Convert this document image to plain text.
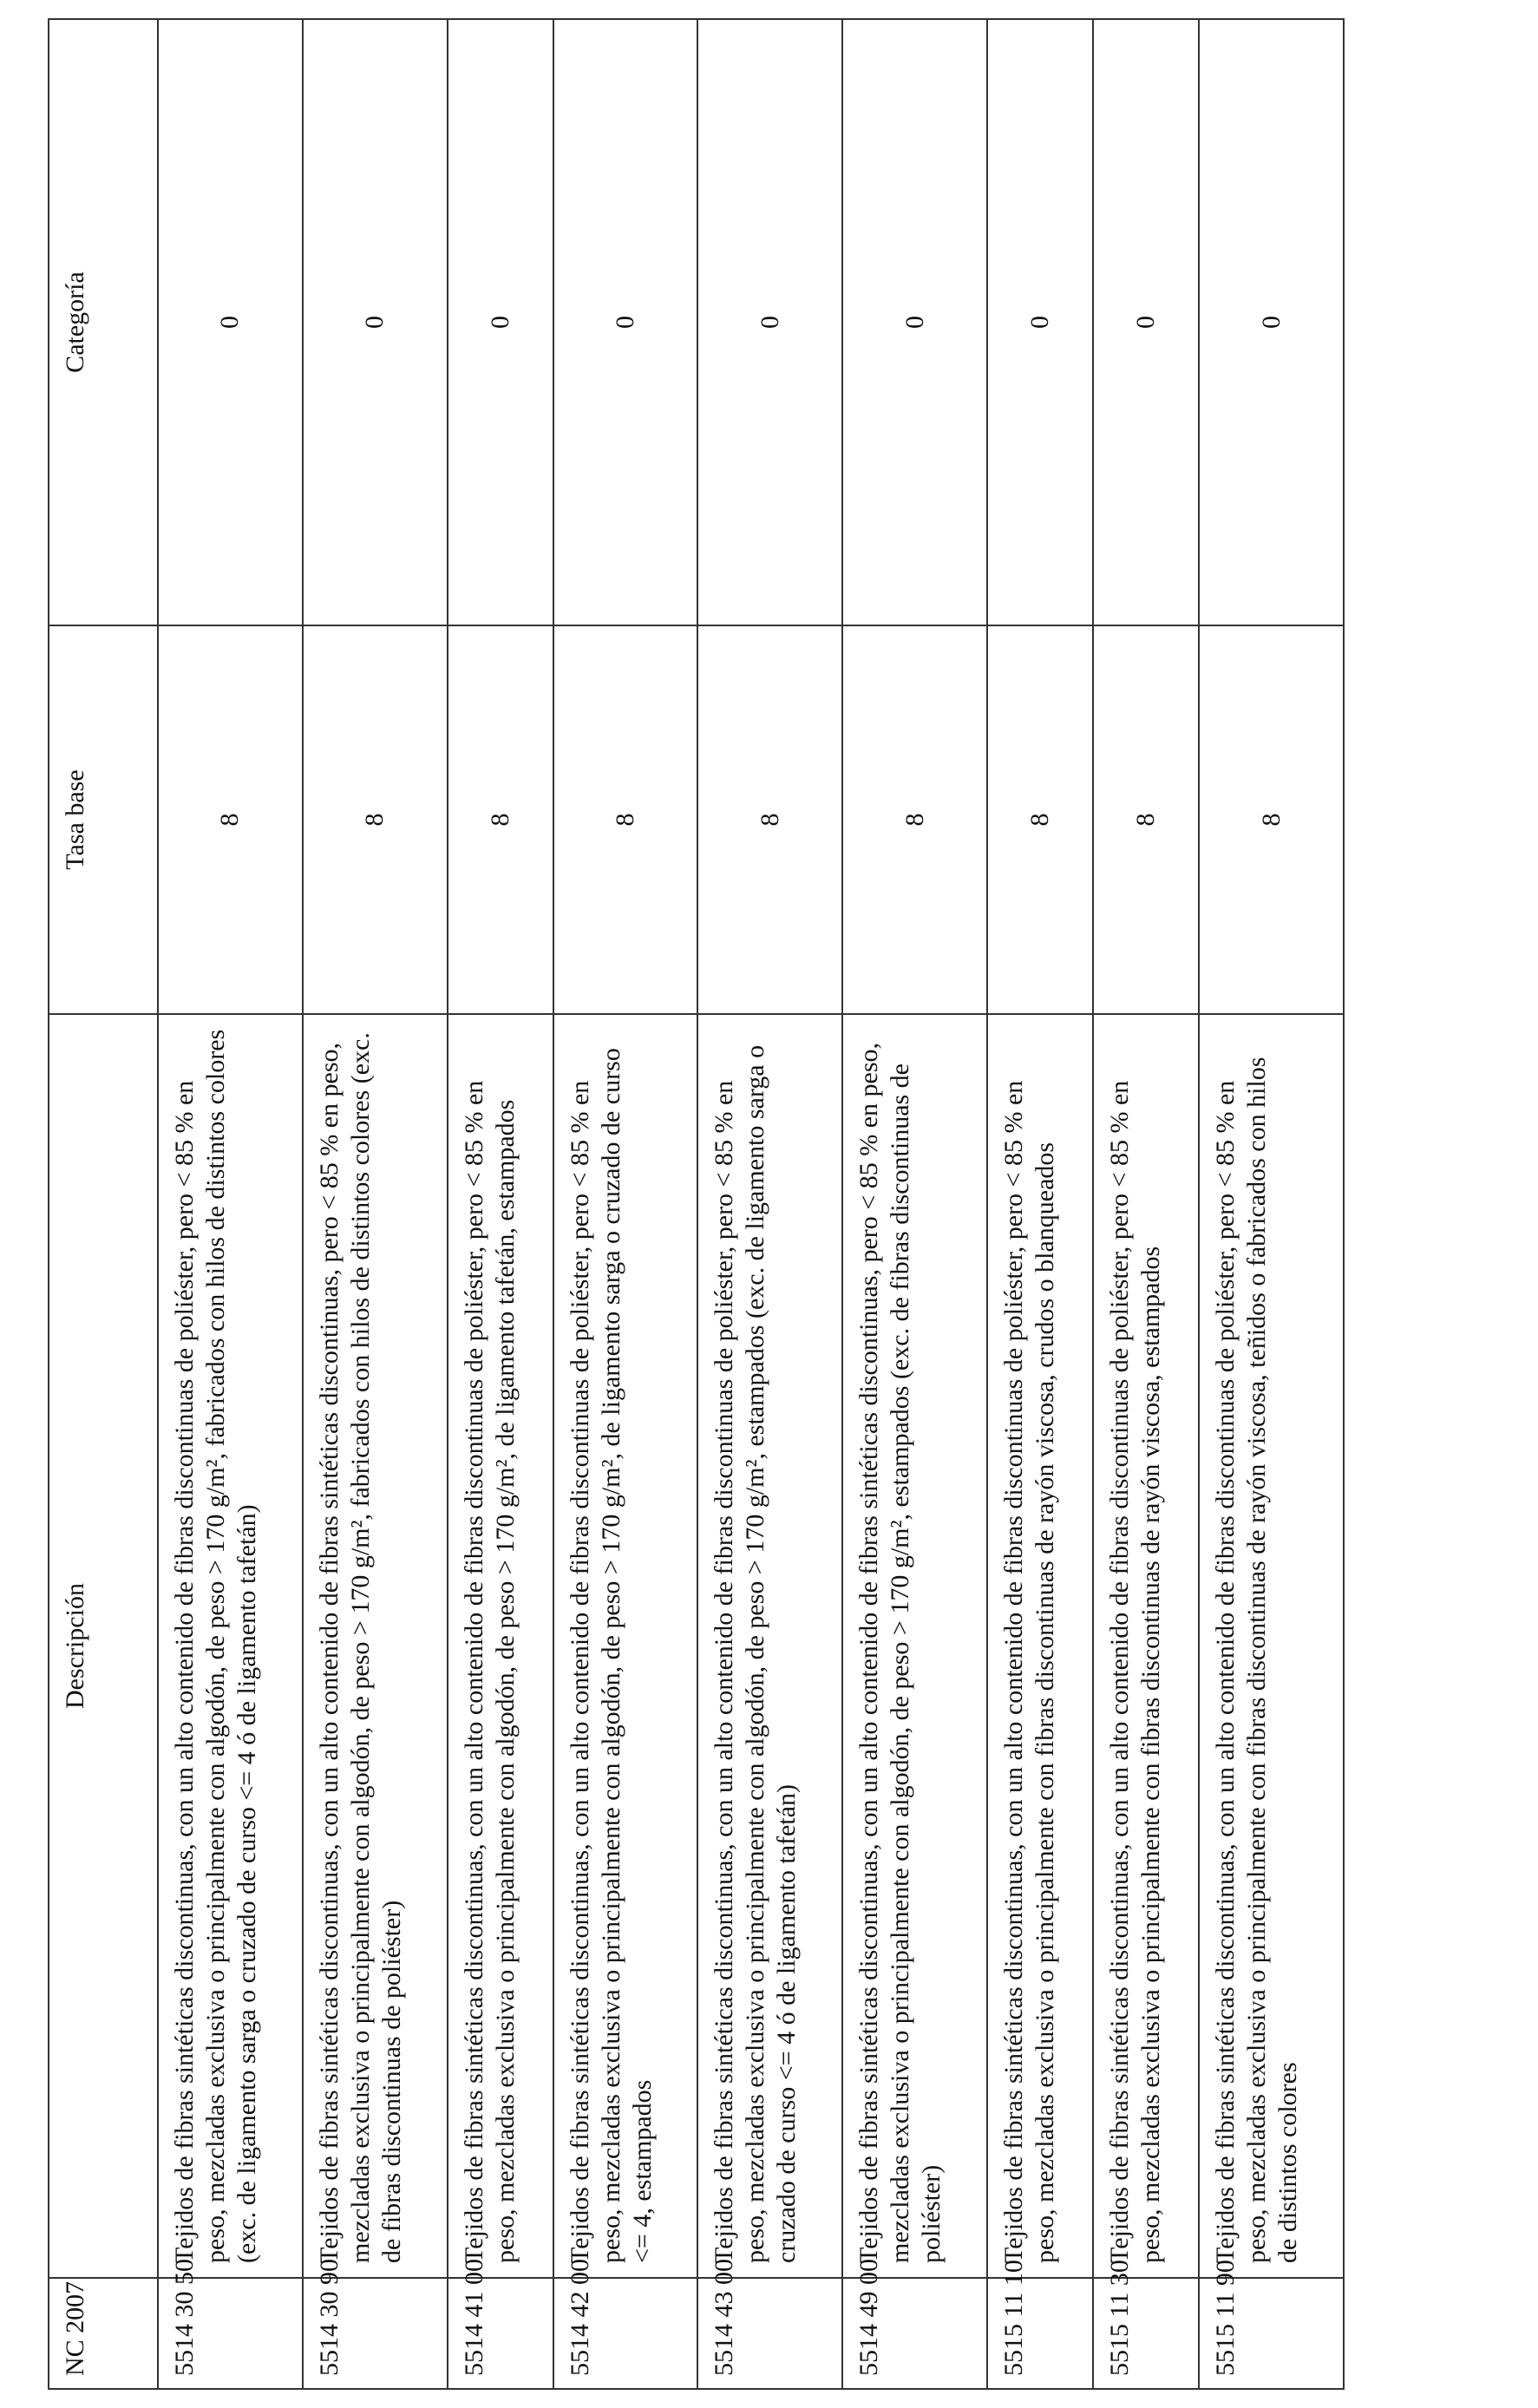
NC 2007	Descripción	Tasa base	Categoría
5514 30 50	Tejidos de fibras sintéticas discontinuas, con un alto contenido de fibras discontinuas de poliéster, pero < 85 % en peso, mezcladas exclusiva o principalmente con algodón, de peso > 170 g/m², fabricados con hilos de distintos colores (exc. de ligamento sarga o cruzado de curso <= 4 ó de ligamento tafetán)	8	0
5514 30 90	Tejidos de fibras sintéticas discontinuas, con un alto contenido de fibras sintéticas discontinuas, pero < 85 % en peso, mezcladas exclusiva o principalmente con algodón, de peso > 170 g/m², fabricados con hilos de distintos colores (exc. de fibras discontinuas de poliéster)	8	0
5514 41 00	Tejidos de fibras sintéticas discontinuas, con un alto contenido de fibras discontinuas de poliéster, pero < 85 % en peso, mezcladas exclusiva o principalmente con algodón, de peso > 170 g/m², de ligamento tafetán, estampados	8	0
5514 42 00	Tejidos de fibras sintéticas discontinuas, con un alto contenido de fibras discontinuas de poliéster, pero < 85 % en peso, mezcladas exclusiva o principalmente con algodón, de peso > 170 g/m², de ligamento sarga o cruzado de curso <= 4, estampados	8	0
5514 43 00	Tejidos de fibras sintéticas discontinuas, con un alto contenido de fibras discontinuas de poliéster, pero < 85 % en peso, mezcladas exclusiva o principalmente con algodón, de peso > 170 g/m², estampados (exc. de ligamento sarga o cruzado de curso <= 4 ó de ligamento tafetán)	8	0
5514 49 00	Tejidos de fibras sintéticas discontinuas, con un alto contenido de fibras sintéticas discontinuas, pero < 85 % en peso, mezcladas exclusiva o principalmente con algodón, de peso > 170 g/m², estampados (exc. de fibras discontinuas de poliéster)	8	0
5515 11 10	Tejidos de fibras sintéticas discontinuas, con un alto contenido de fibras discontinuas de poliéster, pero < 85 % en peso, mezcladas exclusiva o principalmente con fibras discontinuas de rayón viscosa, crudos o blanqueados	8	0
5515 11 30	Tejidos de fibras sintéticas discontinuas, con un alto contenido de fibras discontinuas de poliéster, pero < 85 % en peso, mezcladas exclusiva o principalmente con fibras discontinuas de rayón viscosa, estampados	8	0
5515 11 90	Tejidos de fibras sintéticas discontinuas, con un alto contenido de fibras discontinuas de poliéster, pero < 85 % en peso, mezcladas exclusiva o principalmente con fibras discontinuas de rayón viscosa, teñidos o fabricados con hilos de distintos colores	8	0
